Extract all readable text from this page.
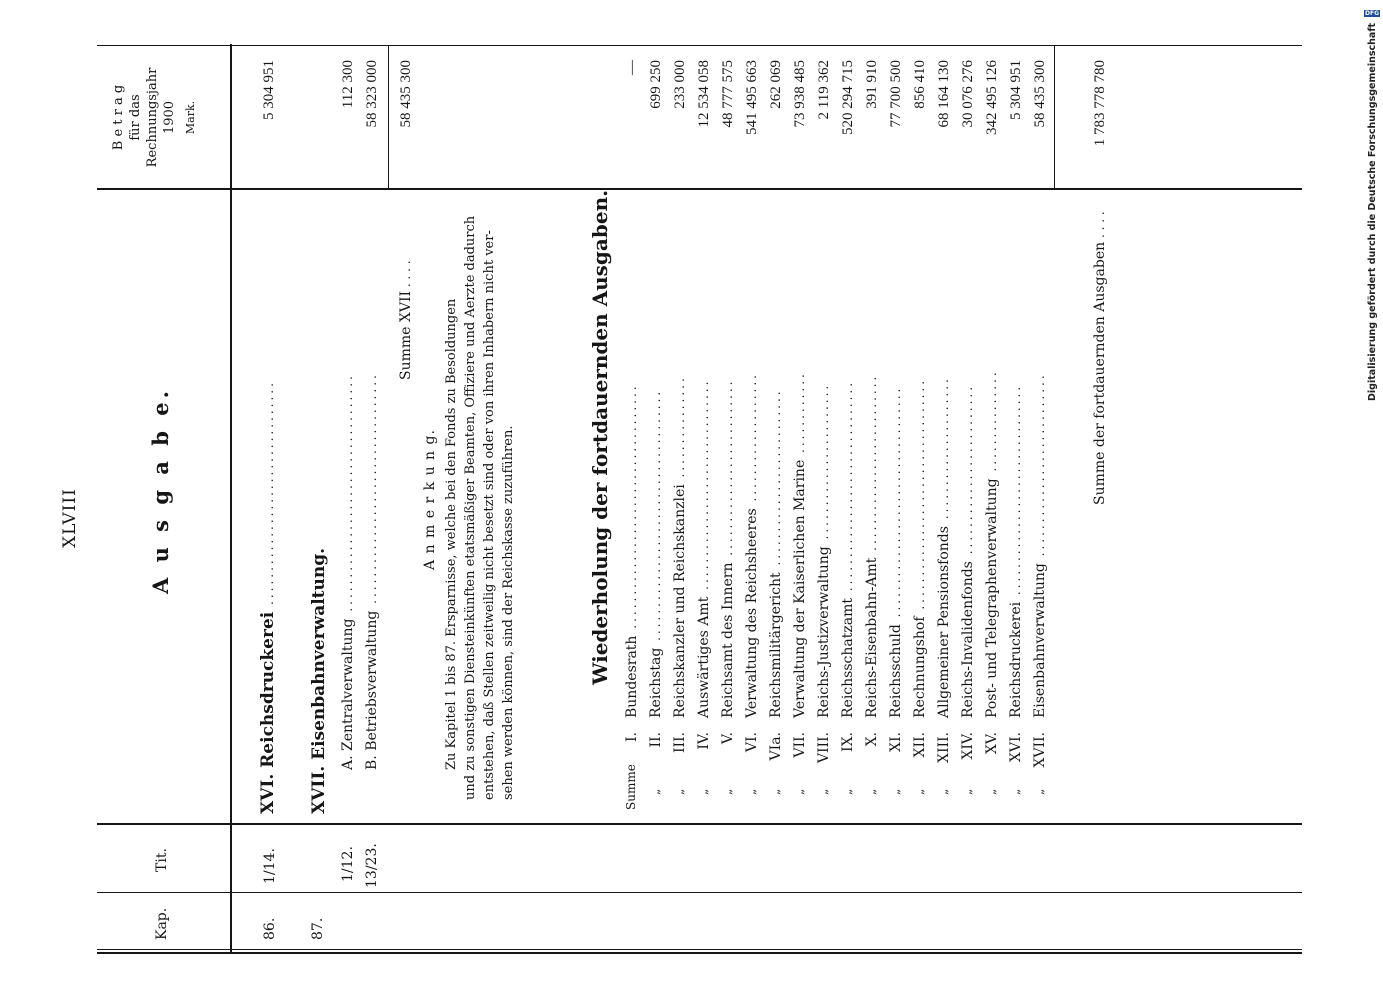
XLVIII
Kap.
Tit.
A u s g a b e.
B e t r a g für das Rechnungsjahr 1900 Mark.
86.
1/14.
XVI. Reichsdruckerei .................................
5 304 951
87.
XVII. Eisenbahnverwaltung.
1/12.
A. Zentralverwaltung ...................................
112 300
13/23.
B. Betriebsverwaltung ..................................
58 323 000
Summe XVII . . . .
58 435 300
A n m e r k u n g. Zu Kapitel 1 bis 87. Ersparnisse, welche bei den Fonds zu Besoldungen und zu sonstigen Diensteinkünften etatsmäßiger Beamten, Offiziere und Aerzte dadurch entstehen, daß Stellen zeitweilig nicht besetzt sind oder von ihren Inhabern nicht ver- sehen werden können, sind der Reichskasse zuzuführen.	Wiederholung der fortdauernden Ausgaben.
Summe
I.
Bundesrath ....................................
—
„
II.
Reichstag .....................................
699 250
„
III.
Reichskanzler und Reichskanzlei ...............
233 000
„
IV.
Auswärtiges Amt ...............................
12 534 058
„
V.
Reichsamt des Innern ..........................
48 777 575
„
VI.
Verwaltung des Reichsheeres ...................
541 495 663
„
VIa.
Reichsmilitärgericht ..........................
262 069
„
VII.
Verwaltung der Kaiserlichen Marine ............
73 938 485
„
VIII.
Reichs-Justizverwaltung .......................
2 119 362
„
IX.
Reichsschatzamt ...............................
520 294 715
„
X.
Reichs-Eisenbahn-Amt ..........................
391 910
„
XI.
Reichsschuld ..................................
77 700 500
„
XII.
Rechnungshof ..................................
856 410
„
XIII.
Allgemeiner Pensionsfonds .....................
68 164 130
„
XIV.
Reichs-Invalidenfonds .........................
30 076 276
„
XV.
Post- und Telegraphenverwaltung ...............
342 495 126
„
XVI.
Reichsdruckerei ...............................
5 304 951
„
XVII.
Eisenbahnverwaltung ...........................
58 435 300
Summe der fortdauernden Ausgaben . . . .
1 783 778 780
DFG
Digitalisierung gefördert durch die Deutsche Forschungsgemeinschaft
